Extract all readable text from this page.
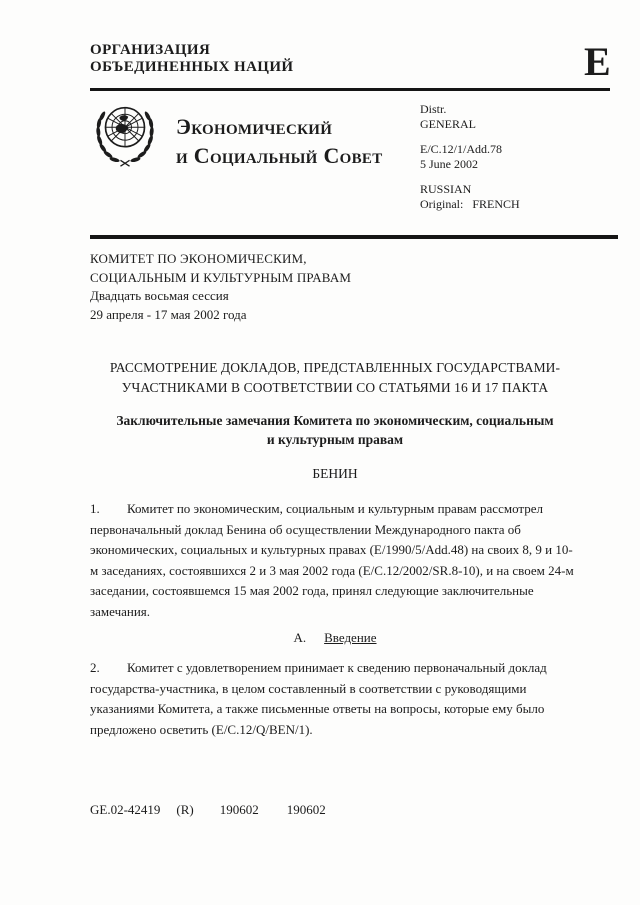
ОРГАНИЗАЦИЯ
ОБЪЕДИНЕННЫХ НАЦИЙ	E
Экономический
и Социальный Совет
Distr.
GENERAL
E/C.12/1/Add.78
5 June 2002
RUSSIAN
Original: FRENCH
КОМИТЕТ ПО ЭКОНОМИЧЕСКИМ,
СОЦИАЛЬНЫМ И КУЛЬТУРНЫМ ПРАВАМ
Двадцать восьмая сессия
29 апреля - 17 мая 2002 года
РАССМОТРЕНИЕ ДОКЛАДОВ, ПРЕДСТАВЛЕННЫХ ГОСУДАРСТВАМИ-
УЧАСТНИКАМИ В СООТВЕТСТВИИ СО СТАТЬЯМИ 16 И 17 ПАКТА
Заключительные замечания Комитета по экономическим, социальным
и культурным правам
БЕНИН

1. Комитет по экономическим, социальным и культурным правам рассмотрел первоначальный доклад Бенина об осуществлении Международного пакта об экономических, социальных и культурных правах (E/1990/5/Add.48) на своих 8, 9 и 10-м заседаниях, состоявшихся 2 и 3 мая 2002 года (E/C.12/2002/SR.8-10), и на своем 24-м заседании, состоявшемся 15 мая 2002 года, принял следующие заключительные замечания.

А. Введение

2. Комитет с удовлетворением принимает к сведению первоначальный доклад государства-участника, в целом составленный в соответствии с руководящими указаниями Комитета, а также письменные ответы на вопросы, которые ему было предложено осветить (E/C.12/Q/BEN/1).

GE.02-42419 (R) 190602 190602
